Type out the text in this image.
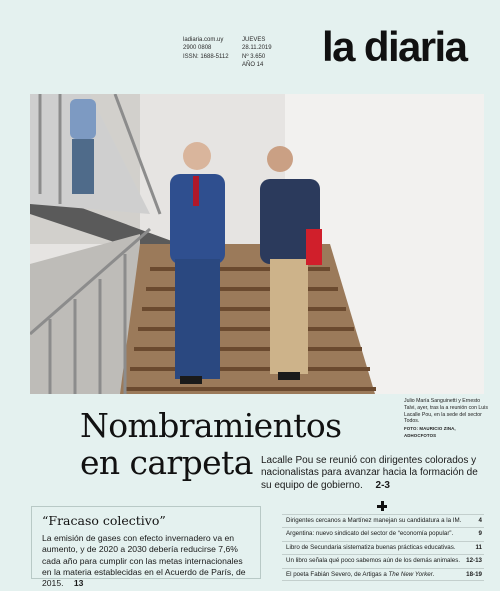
ladiaria.com.uy
2900 0808
ISSN: 1688-5112
JUEVES
28.11.2019
Nº 3.650
AÑO 14 la diaria
Julio María Sanguinetti y Ernesto Talvi, ayer, tras la a reunión con Luis Lacalle Pou, en la sede del sector Todos.
FOTO: MAURICIO ZINA, ADHOCFOTOS
Nombramientos
en carpeta Lacalle Pou se reunió con dirigentes colorados y nacionalistas para avanzar hacia la formación de su equipo de gobierno. 2-3
“Fracaso colectivo”
La emisión de gases con efecto invernadero va en aumento, y de 2020 a 2030 debería reducirse 7,6% cada año para cumplir con las metas internacionales en la materia establecidas en el Acuerdo de París, de 2015. 13
Dirigentes cercanos a Martínez manejan su candidatura a la IM.	4
Argentina: nuevo sindicato del sector de “economía popular”.	9
Libro de Secundaria sistematiza buenas prácticas educativas.	11
Un libro señala qué poco sabemos aún de los demás animales. 12-13
El poeta Fabián Severo, de Artigas a The New Yorker.	18-19
